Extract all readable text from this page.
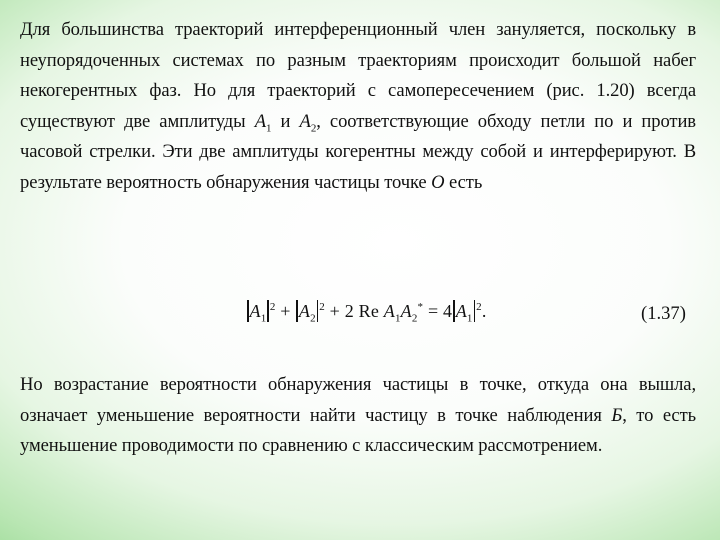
Для большинства траекторий интерференционный член зануляется, поскольку в неупорядоченных системах по разным траекториям происходит большой набег некогерентных фаз. Но для траекторий с самопересечением (рис. 1.20) всегда существуют две амплитуды $A_1$ и $A_2$, соответствующие обходу петли по и против часовой стрелки. Эти две амплитуды когерентны между собой и интерферируют. В результате вероятность обнаружения частицы точке O есть
$A_1^2 + A_2^2 + 2$ Re $A_1A_2^* = 4$ $A_1^2$.	(1.37)
Но возрастание вероятности обнаружения частицы в точке, откуда она вышла, означает уменьшение вероятности найти частицу в точке наблюдения Б, то есть уменьшение проводимости по сравнению с классическим рассмотрением.
